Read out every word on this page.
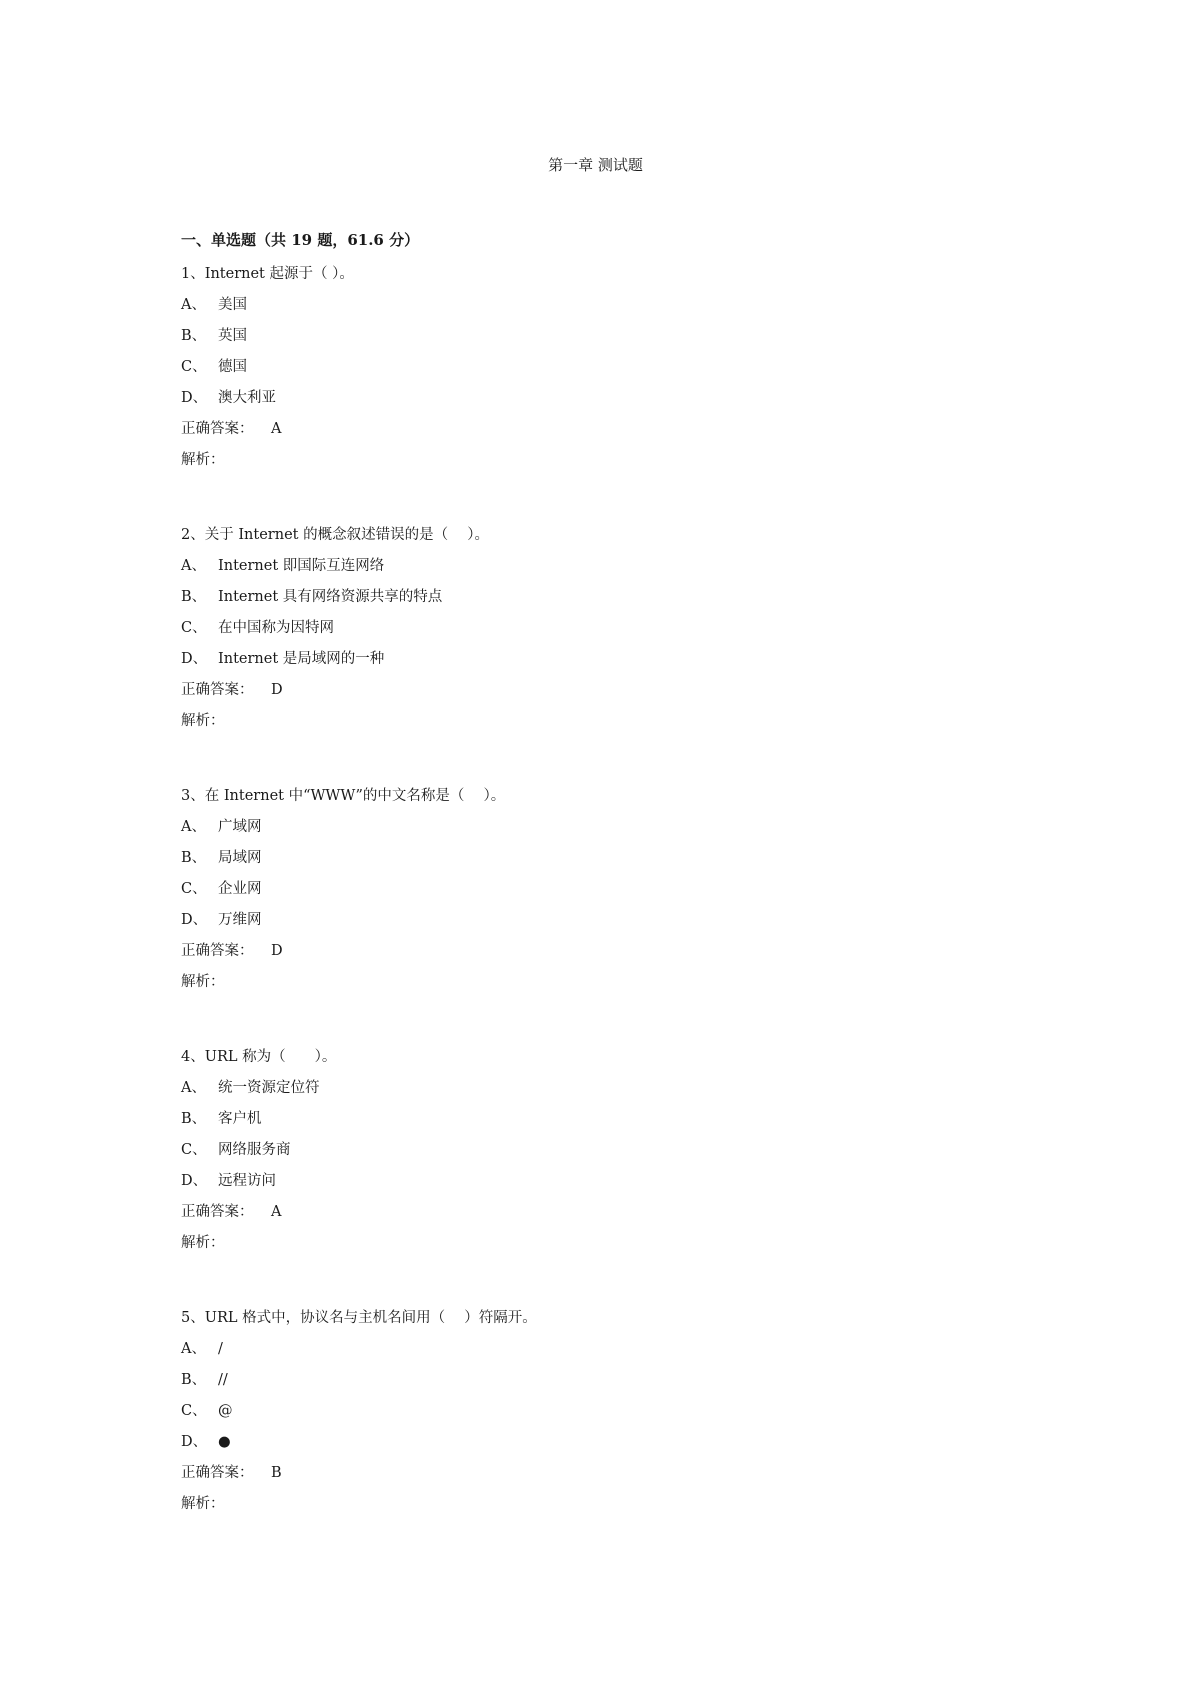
第一章 测试题
一、单选题（共 19 题，61.6 分）
1、Internet 起源于（ ）。
A、 美国
B、 英国
C、 德国
D、 澳大利亚
正确答案： A
解析：
2、关于 Internet 的概念叙述错误的是（　 ）。
A、 Internet 即国际互连网络
B、 Internet 具有网络资源共享的特点
C、 在中国称为因特网
D、 Internet 是局域网的一种
正确答案： D
解析：
3、在 Internet 中“WWW”的中文名称是（　 ）。
A、 广域网
B、 局域网
C、 企业网
D、 万维网
正确答案： D
解析：
4、URL 称为（　　）。
A、 统一资源定位符
B、 客户机
C、 网络服务商
D、 远程访问
正确答案： A
解析：
5、URL 格式中，协议名与主机名间用（　 ）符隔开。
A、 /
B、 //
C、 @
D、 ●
正确答案： B
解析：
